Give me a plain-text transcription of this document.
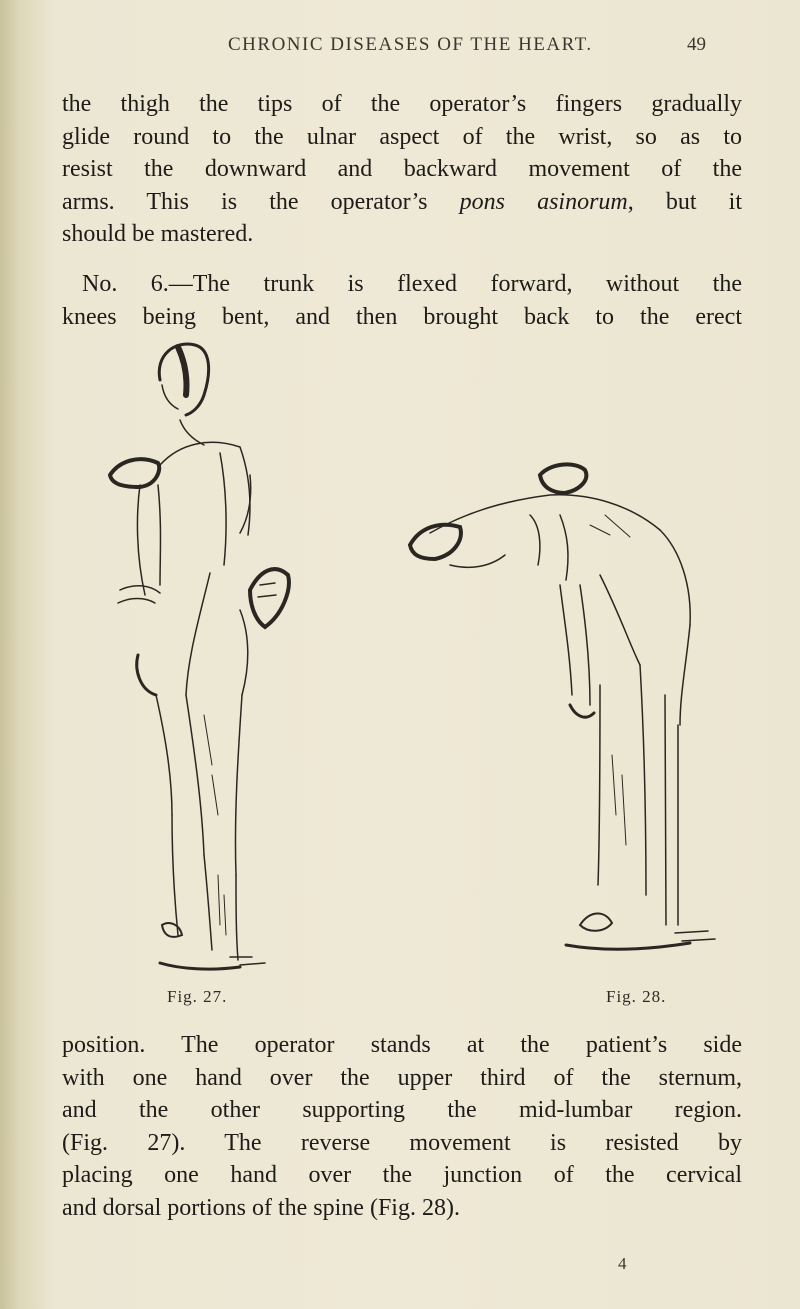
CHRONIC DISEASES OF THE HEART.	49
the thigh the tips of the operator’s fingers gradually
glide round to the ulnar aspect of the wrist, so as to
resist the downward and backward movement of the
arms. This is the operator’s pons asinorum, but it
should be mastered.
No. 6.—The trunk is flexed forward, without the
knees being bent, and then brought back to the erect
Fig. 27.	Fig. 28.
position. The operator stands at the patient’s side
with one hand over the upper third of the sternum,
and the other supporting the mid-lumbar region.
(Fig. 27). The reverse movement is resisted by
placing one hand over the junction of the cervical
and dorsal portions of the spine (Fig. 28).
4
